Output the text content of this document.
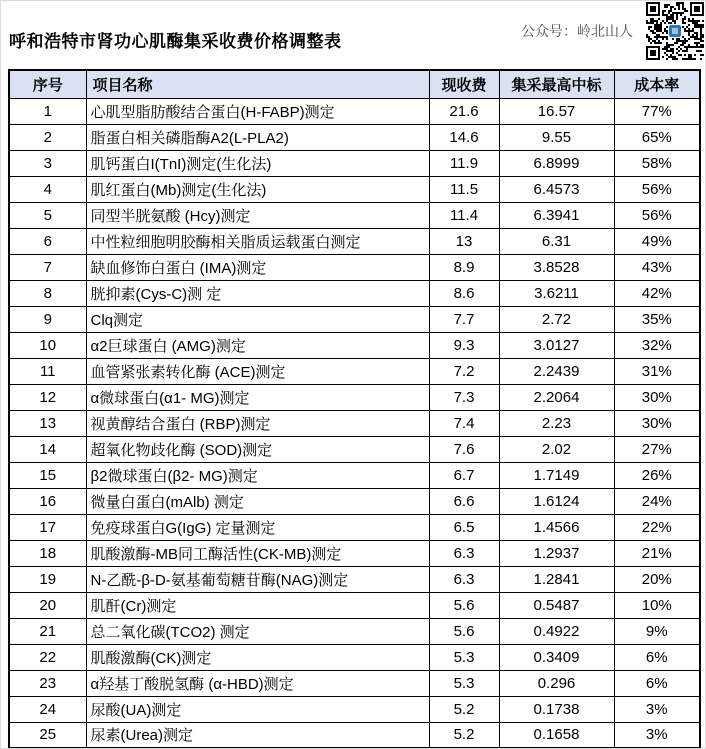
呼和浩特市肾功心肌酶集采收费价格调整表
公众号：岭北山人
序号	项目名称	现收费	集采最高中标	成本率
1	心肌型脂肪酸结合蛋白(H-FABP)测定	21.6	16.57	77%
2	脂蛋白相关磷脂酶A2(L-PLA2)	14.6	9.55	65%
3	肌钙蛋白I(TnI)测定(生化法)	11.9	6.8999	58%
4	肌红蛋白(Mb)测定(生化法)	11.5	6.4573	56%
5	同型半胱氨酸 (Hcy)测定	11.4	6.3941	56%
6	中性粒细胞明胶酶相关脂质运载蛋白测定	13	6.31	49%
7	缺血修饰白蛋白 (IMA)测定	8.9	3.8528	43%
8	胱抑素(Cys-C)测 定	8.6	3.6211	42%
9	Clq测定	7.7	2.72	35%
10	α2巨球蛋白 (AMG)测定	9.3	3.0127	32%
11	血管紧张素转化酶 (ACE)测定	7.2	2.2439	31%
12	α微球蛋白(α1- MG)测定	7.3	2.2064	30%
13	视黄醇结合蛋白 (RBP)测定	7.4	2.23	30%
14	超氧化物歧化酶 (SOD)测定	7.6	2.02	27%
15	β2微球蛋白(β2- MG)测定	6.7	1.7149	26%
16	微量白蛋白(mAlb) 测定	6.6	1.6124	24%
17	免疫球蛋白G(IgG) 定量测定	6.5	1.4566	22%
18	肌酸激酶-MB同工酶活性(CK-MB)测定	6.3	1.2937	21%
19	N-乙酰-β-D-氨基葡萄糖苷酶(NAG)测定	6.3	1.2841	20%
20	肌酐(Cr)测定	5.6	0.5487	10%
21	总二氧化碳(TCO2) 测定	5.6	0.4922	9%
22	肌酸激酶(CK)测定	5.3	0.3409	6%
23	α羟基丁酸脱氢酶 (α-HBD)测定	5.3	0.296	6%
24	尿酸(UA)测定	5.2	0.1738	3%
25	尿素(Urea)测定	5.2	0.1658	3%
